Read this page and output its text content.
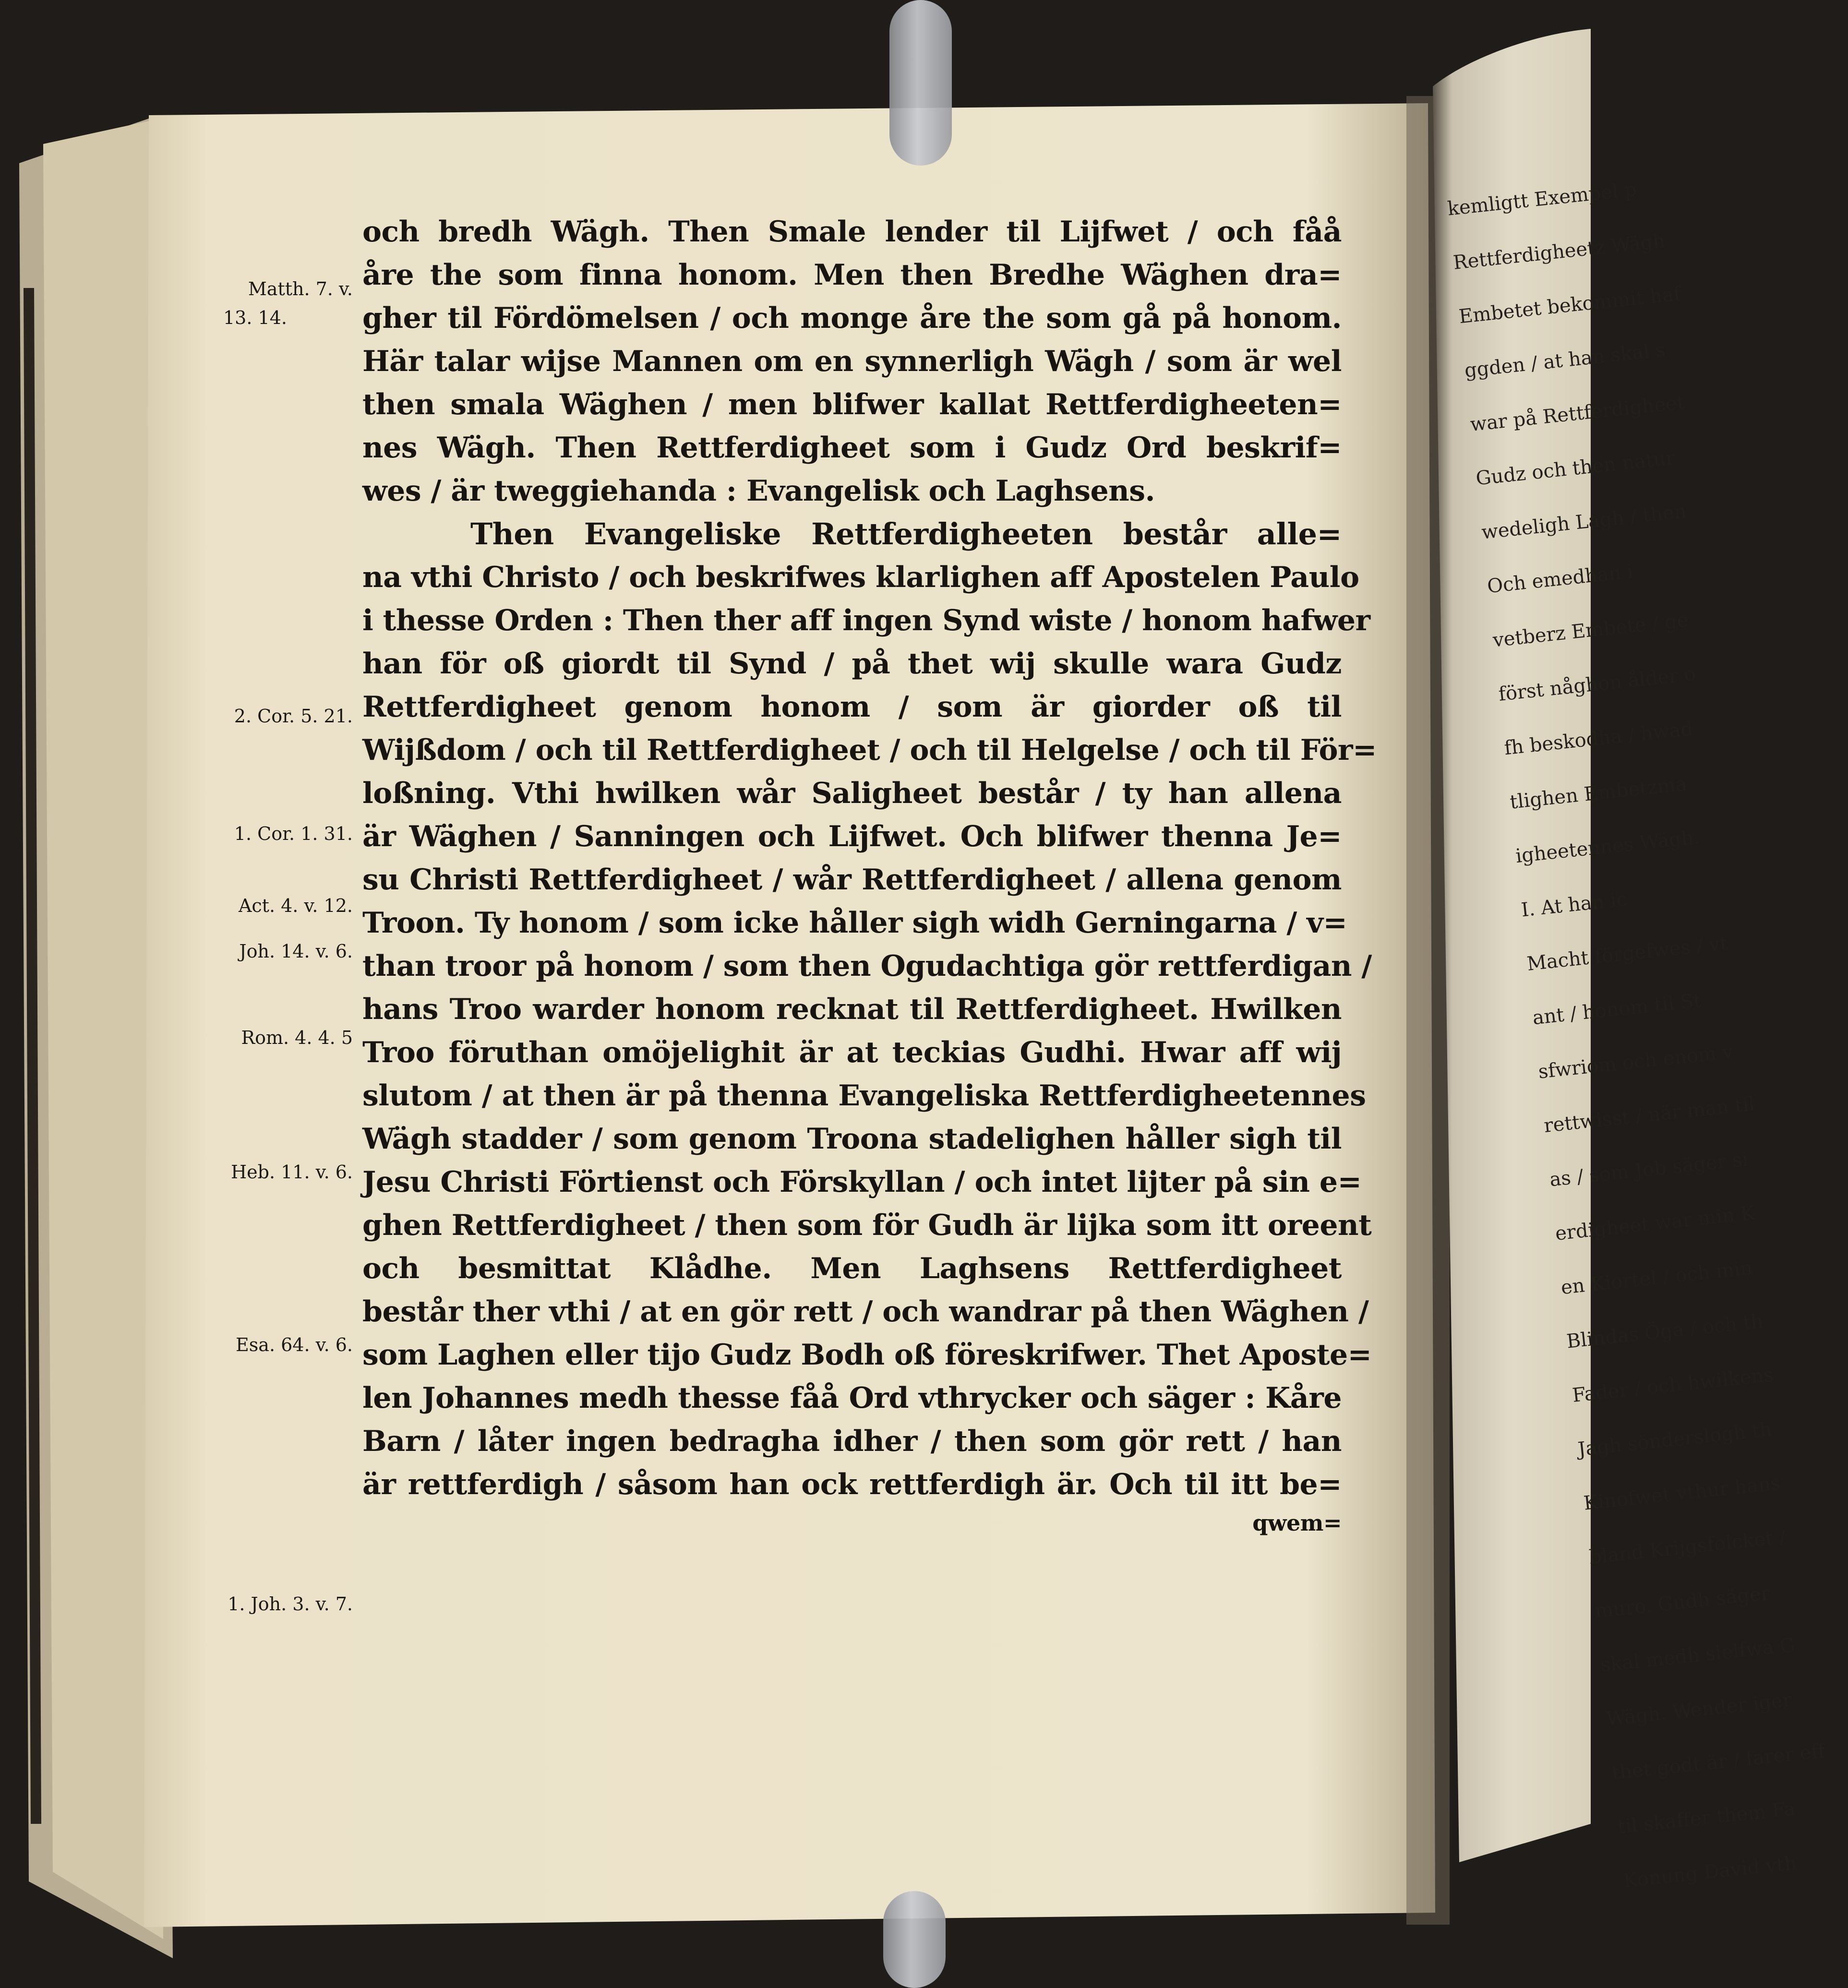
Matth. 7. v.
13. 14.
2. Cor. 5. 21.
1. Cor. 1. 31.
Act. 4. v. 12.
Joh. 14. v. 6.
Rom. 4. 4. 5
Heb. 11. v. 6.
Esa. 64. v. 6.
1. Joh. 3. v. 7.
och bredh Wägh. Then Smale lender til Lijfwet / och fåå
åre the som finna honom. Men then Bredhe Wäghen dra=
gher til Fördömelsen / och monge åre the som gå på honom.
Här talar wijse Mannen om en synnerligh Wägh / som är wel
then smala Wäghen / men blifwer kallat Rettferdigheeten=
nes Wägh. Then Rettferdigheet som i Gudz Ord beskrif=
wes / är tweggiehanda : Evangelisk och Laghsens.
Then Evangeliske Rettferdigheeten består alle=
na vthi Christo / och beskrifwes klarlighen aff Apostelen Paulo
i thesse Orden : Then ther aff ingen Synd wiste / honom hafwer
han för oß giordt til Synd / på thet wij skulle wara Gudz
Rettferdigheet genom honom / som är giorder oß til
Wijßdom / och til Rettferdigheet / och til Helgelse / och til För=
loßning. Vthi hwilken wår Saligheet består / ty han allena
är Wäghen / Sanningen och Lijfwet. Och blifwer thenna Je=
su Christi Rettferdigheet / wår Rettferdigheet / allena genom
Troon. Ty honom / som icke håller sigh widh Gerningarna / v=
than troor på honom / som then Ogudachtiga gör rettferdigan /
hans Troo warder honom recknat til Rettferdigheet. Hwilken
Troo föruthan omöjelighit är at teckias Gudhi. Hwar aff wij
slutom / at then är på thenna Evangeliska Rettferdigheetennes
Wägh stadder / som genom Troona stadelighen håller sigh til
Jesu Christi Förtienst och Förskyllan / och intet lijter på sin e=
ghen Rettferdigheet / then som för Gudh är lijka som itt oreent
och besmittat Klådhe. Men Laghsens Rettferdigheet
består ther vthi / at en gör rett / och wandrar på then Wäghen /
som Laghen eller tijo Gudz Bodh oß föreskrifwer. Thet Aposte=
len Johannes medh thesse fåå Ord vthrycker och säger : Kåre
Barn / låter ingen bedragha idher / then som gör rett / han
är rettferdigh / såsom han ock rettferdigh är. Och til itt be=
qwem=
kemligtt Exempel p
Rettferdigheetz Wägh
Embetet bekommit haf
ggden / at han skal s
war på Rettferdigheet
Gudz och then natur
wedeligh Lagh / then
Och emedhan i
vetberz Embete / ge
först någhon ålder o
fh beskodha / hwad
tlighen Embetzma
igheetennes Wägh.
I. At han ic
Macht förgefwes / vt
ant / honom til St
sfwriom och enom v
rettwisst / när man til
as / som Job säger si
erdigheet war min K
en Kiortel / och min
Blindas Öga / och th
Fader / och hwilkens
Jagh sönderslogh th
Kinofwet vthur hans
bland Krijgsfolcket /
muro. Gudh säger
skal medh sielfwa G
Wägh. Wender iger
thet godt är / farer eff
til skaffer them Fa
Konung David vth
